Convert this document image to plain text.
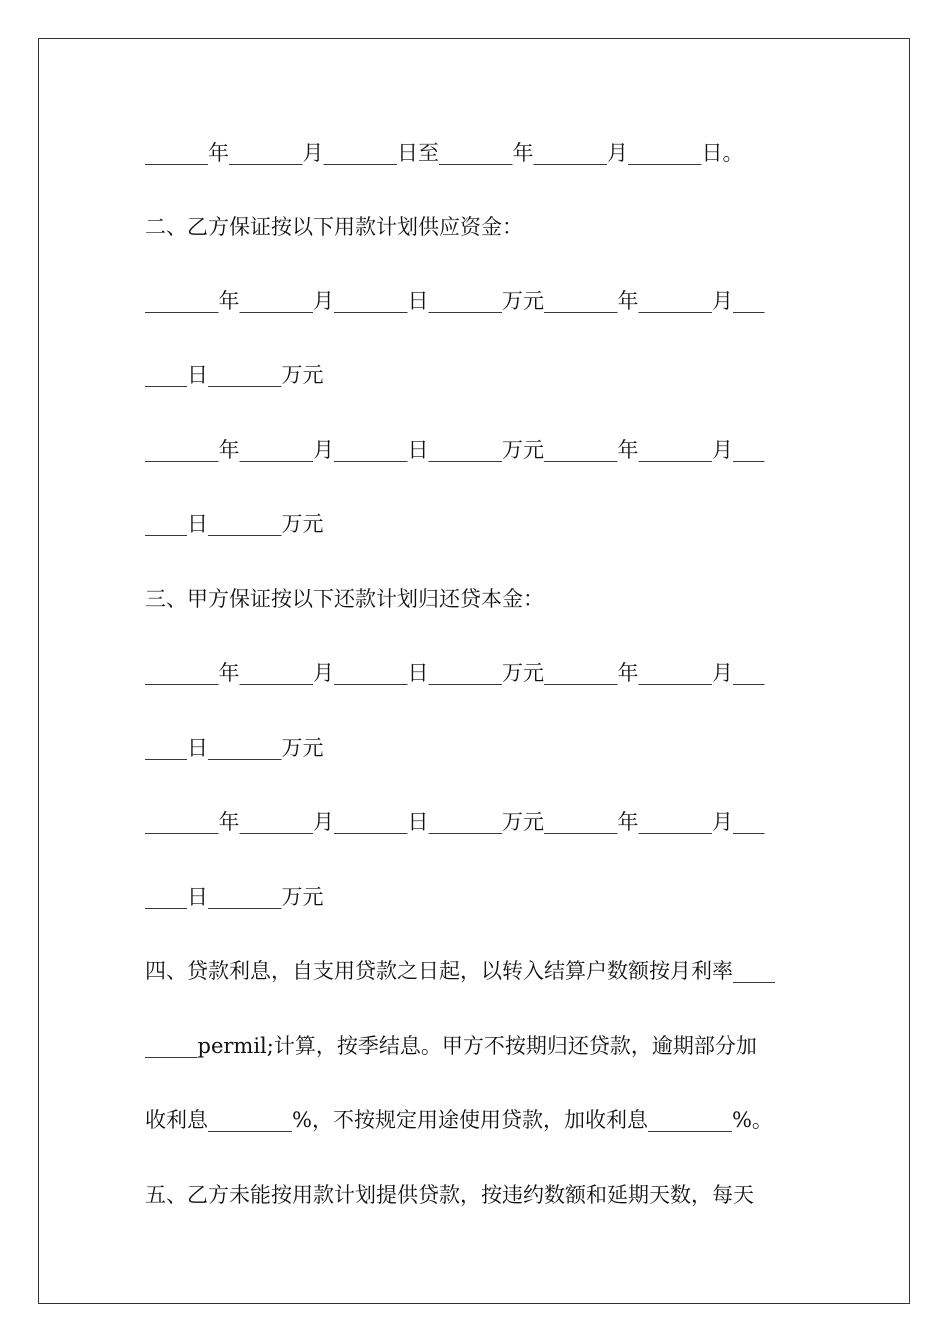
______年_______月_______日至_______年_______月_______日。
二、乙方保证按以下用款计划供应资金：
_______年_______月_______日_______万元_______年_______月___
____日_______万元
_______年_______月_______日_______万元_______年_______月___
____日_______万元
三、甲方保证按以下还款计划归还贷本金：
_______年_______月_______日_______万元_______年_______月___
____日_______万元
_______年_______月_______日_______万元_______年_______月___
____日_______万元
四、贷款利息，自支用贷款之日起，以转入结算户数额按月利率____
_____permil;计算，按季结息。甲方不按期归还贷款，逾期部分加
收利息________%，不按规定用途使用贷款，加收利息________%。
五、乙方未能按用款计划提供贷款，按违约数额和延期天数，每天
